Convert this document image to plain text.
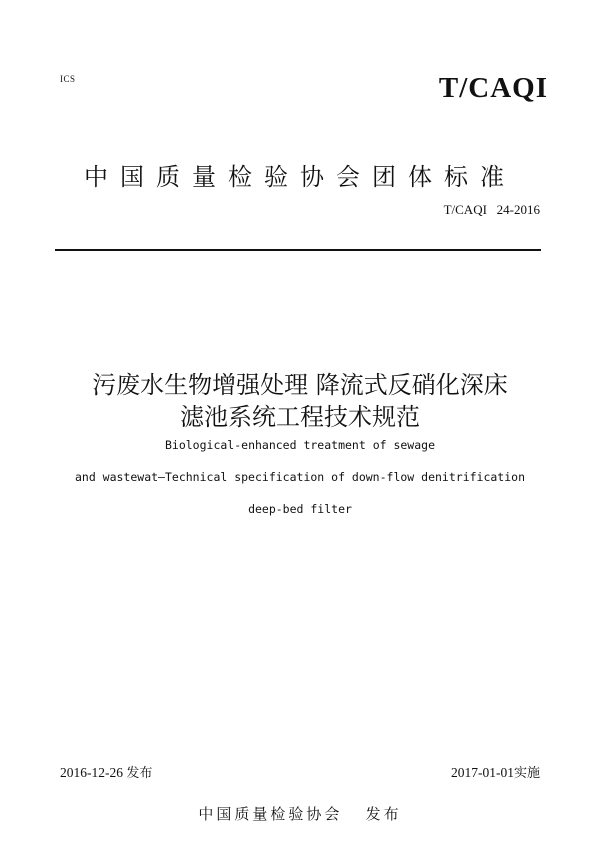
ICS	T/CAQI
中国质量检验协会团体标准
T/CAQI   24-2016
污废水生物增强处理 降流式反硝化深床
滤池系统工程技术规范
Biological-enhanced treatment of sewage
and wastewat—Technical specification of down-flow denitrification
deep-bed filter
2016-12-26 发布	2017-01-01实施
中国质量检验协会   发布
